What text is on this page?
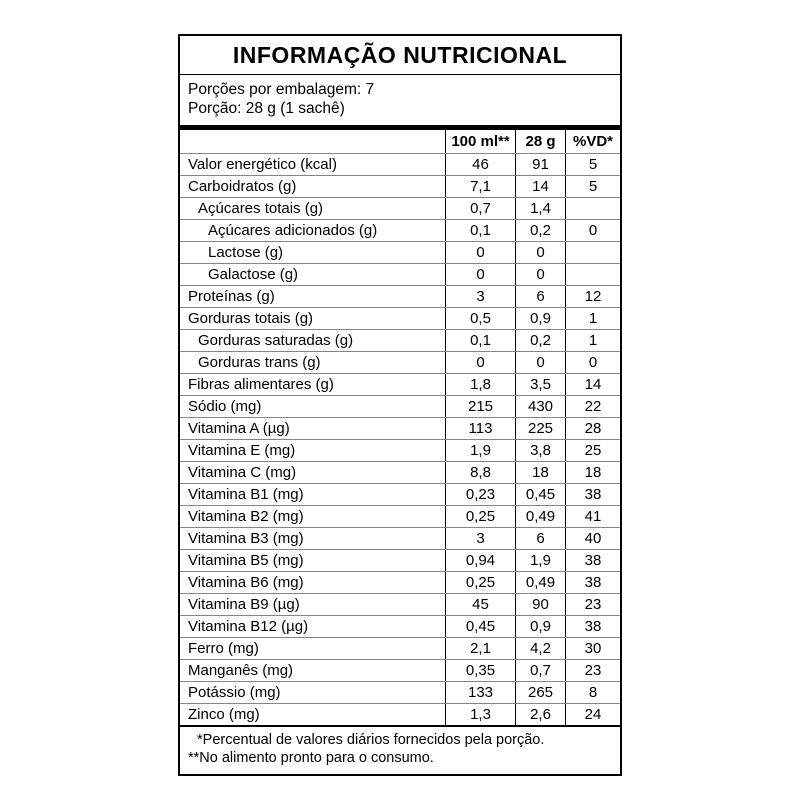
INFORMAÇÃO NUTRICIONAL
Porções por embalagem: 7
Porção: 28 g (1 sachê)
100 ml**	28 g	%VD*
Valor energético (kcal)	46	91	5
Carboidratos (g)	7,1	14	5
Açúcares totais (g)	0,7	1,4
Açúcares adicionados (g)	0,1	0,2	0
Lactose (g)	0	0
Galactose (g)	0	0
Proteínas (g)	3	6	12
Gorduras totais (g)	0,5	0,9	1
Gorduras saturadas (g)	0,1	0,2	1
Gorduras trans (g)	0	0	0
Fibras alimentares (g)	1,8	3,5	14
Sódio (mg)	215	430	22
Vitamina A (µg)	113	225	28
Vitamina E (mg)	1,9	3,8	25
Vitamina C (mg)	8,8	18	18
Vitamina B1 (mg)	0,23	0,45	38
Vitamina B2 (mg)	0,25	0,49	41
Vitamina B3 (mg)	3	6	40
Vitamina B5 (mg)	0,94	1,9	38
Vitamina B6 (mg)	0,25	0,49	38
Vitamina B9 (µg)	45	90	23
Vitamina B12 (µg)	0,45	0,9	38
Ferro (mg)	2,1	4,2	30
Manganês (mg)	0,35	0,7	23
Potássio (mg)	133	265	8
Zinco (mg)	1,3	2,6	24
*Percentual de valores diários fornecidos pela porção.
**No alimento pronto para o consumo.
